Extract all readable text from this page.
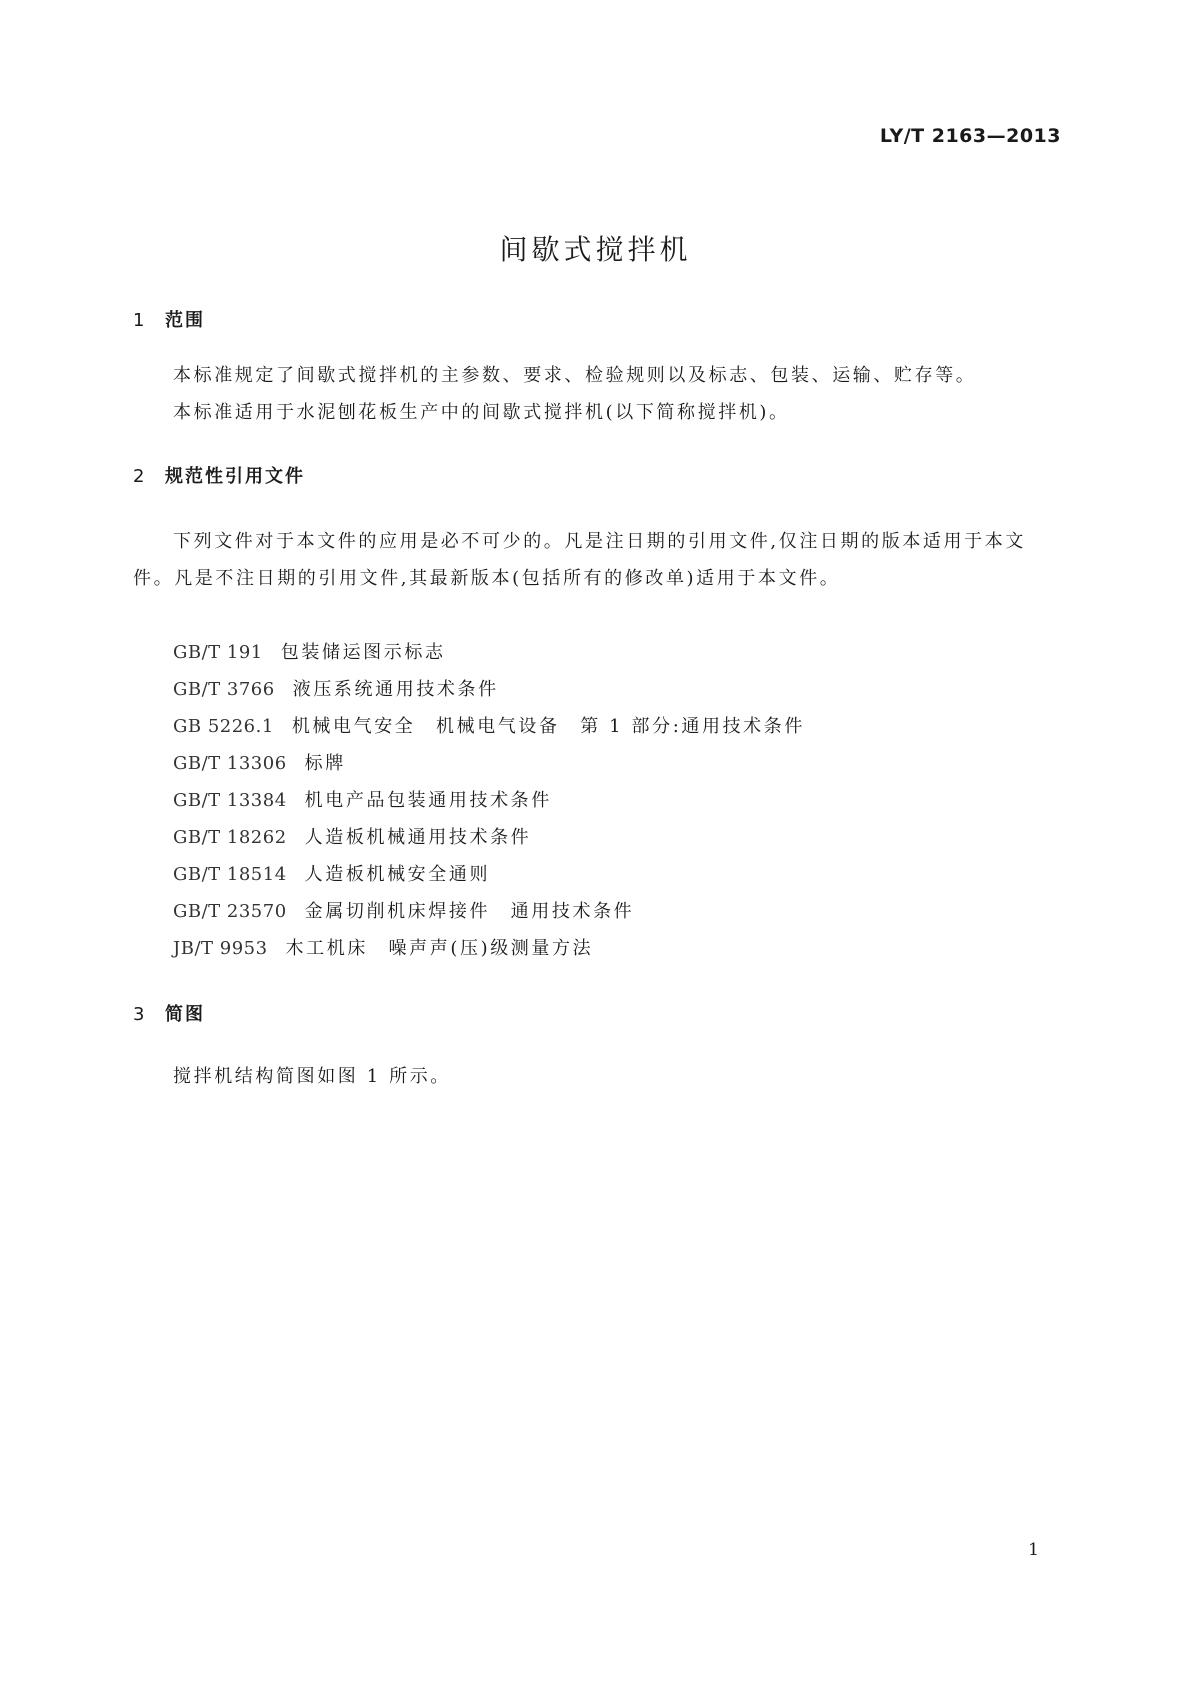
LY/T 2163—2013
间歇式搅拌机
1 范围
本标准规定了间歇式搅拌机的主参数、要求、检验规则以及标志、包装、运输、贮存等。
本标准适用于水泥刨花板生产中的间歇式搅拌机(以下简称搅拌机)。
2 规范性引用文件
下列文件对于本文件的应用是必不可少的。凡是注日期的引用文件,仅注日期的版本适用于本文件。凡是不注日期的引用文件,其最新版本(包括所有的修改单)适用于本文件。
GB/T 191 包装储运图示标志
GB/T 3766 液压系统通用技术条件
GB 5226.1 机械电气安全　机械电气设备　第 1 部分:通用技术条件
GB/T 13306 标牌
GB/T 13384 机电产品包装通用技术条件
GB/T 18262 人造板机械通用技术条件
GB/T 18514 人造板机械安全通则
GB/T 23570 金属切削机床焊接件　通用技术条件
JB/T 9953 木工机床　噪声声(压)级测量方法
3 简图
搅拌机结构简图如图 1 所示。
1
